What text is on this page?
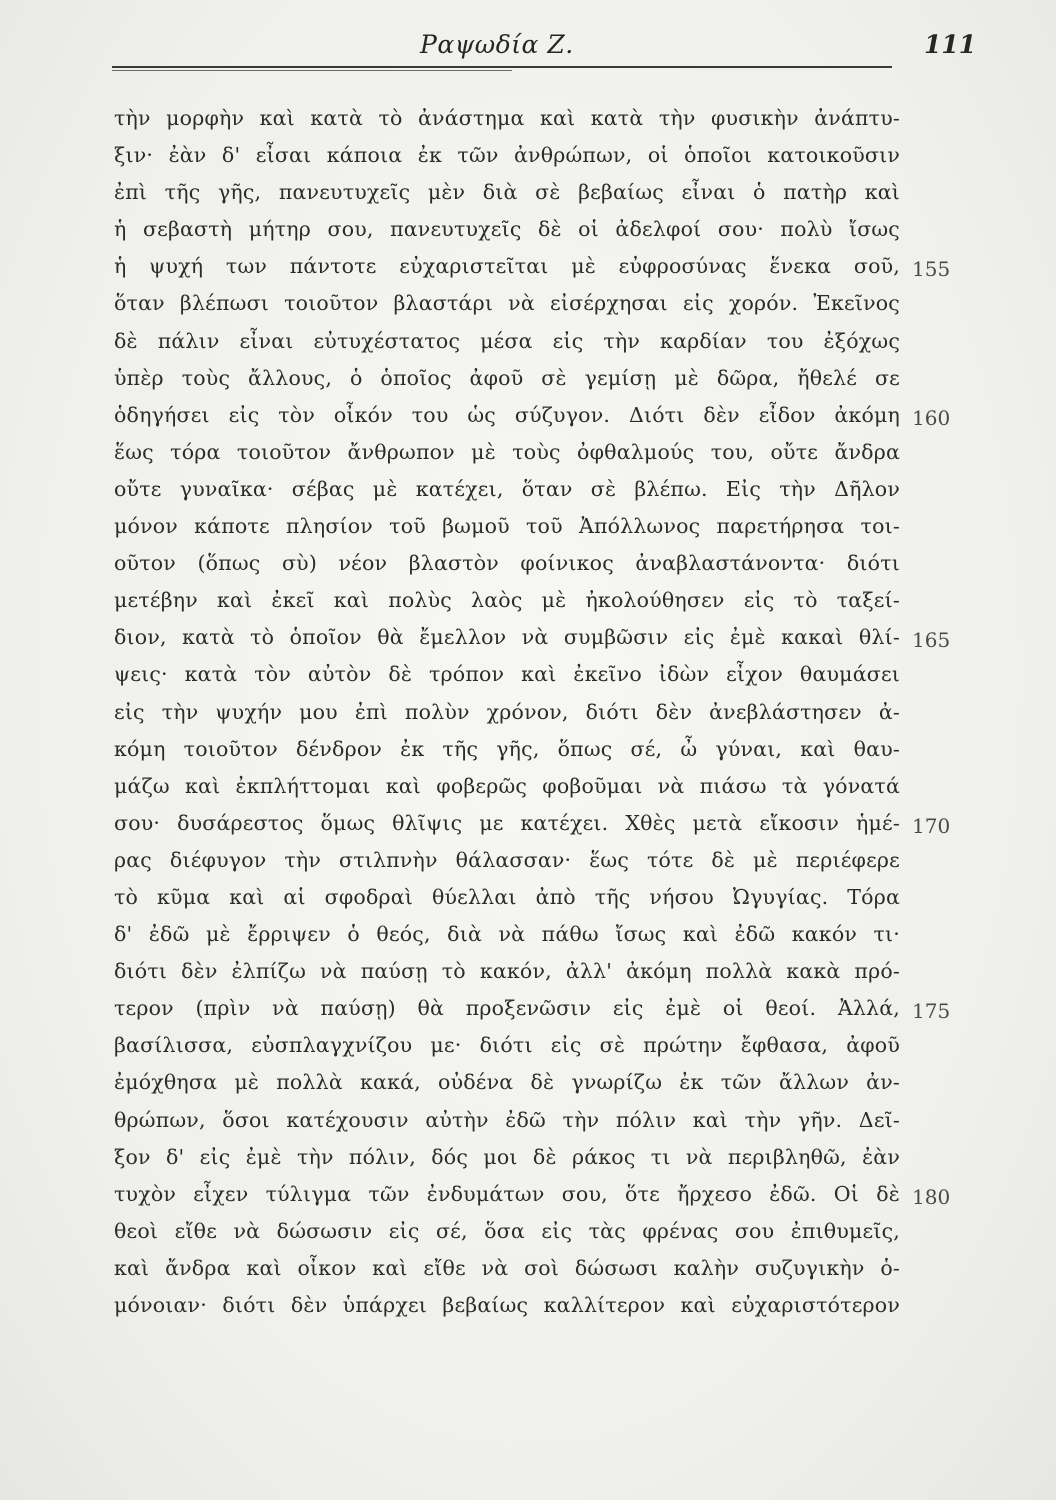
Ραψωδία Ζ.	111
τὴν μορφὴν καὶ κατὰ τὸ ἀνάστημα καὶ κατὰ τὴν φυσικὴν ἀνάπτυ-
ξιν· ἐὰν δ' εἶσαι κάποια ἐκ τῶν ἀνθρώπων, οἱ ὁποῖοι κατοικοῦσιν
ἐπὶ τῆς γῆς, πανευτυχεῖς μὲν διὰ σὲ βεβαίως εἶναι ὁ πατὴρ καὶ
ἡ σεβαστὴ μήτηρ σου, πανευτυχεῖς δὲ οἱ ἀδελφοί σου· πολὺ ἴσως
ἡ ψυχή των πάντοτε εὐχαριστεῖται μὲ εὐφροσύνας ἕνεκα σοῦ,
ὅταν βλέπωσι τοιοῦτον βλαστάρι νὰ εἰσέρχησαι εἰς χορόν. Ἐκεῖνος
δὲ πάλιν εἶναι εὐτυχέστατος μέσα εἰς τὴν καρδίαν του ἐξόχως
ὑπὲρ τοὺς ἄλλους, ὁ ὁποῖος ἀφοῦ σὲ γεμίσῃ μὲ δῶρα, ἤθελέ σε
ὁδηγήσει εἰς τὸν οἶκόν του ὡς σύζυγον. Διότι δὲν εἶδον ἀκόμη
ἕως τόρα τοιοῦτον ἄνθρωπον μὲ τοὺς ὀφθαλμούς του, οὔτε ἄνδρα
οὔτε γυναῖκα· σέβας μὲ κατέχει, ὅταν σὲ βλέπω. Εἰς τὴν Δῆλον
μόνον κάποτε πλησίον τοῦ βωμοῦ τοῦ Ἀπόλλωνος παρετήρησα τοι-
οῦτον (ὅπως σὺ) νέον βλαστὸν φοίνικος ἀναβλαστάνοντα· διότι
μετέβην καὶ ἐκεῖ καὶ πολὺς λαὸς μὲ ἠκολούθησεν εἰς τὸ ταξεί-
διον, κατὰ τὸ ὁποῖον θὰ ἔμελλον νὰ συμβῶσιν εἰς ἐμὲ κακαὶ θλί-
ψεις· κατὰ τὸν αὐτὸν δὲ τρόπον καὶ ἐκεῖνο ἰδὼν εἶχον θαυμάσει
εἰς τὴν ψυχήν μου ἐπὶ πολὺν χρόνον, διότι δὲν ἀνεβλάστησεν ἀ-
κόμη τοιοῦτον δένδρον ἐκ τῆς γῆς, ὅπως σέ, ὦ γύναι, καὶ θαυ-
μάζω καὶ ἐκπλήττομαι καὶ φοβερῶς φοβοῦμαι νὰ πιάσω τὰ γόνατά
σου· δυσάρεστος ὅμως θλῖψις με κατέχει. Χθὲς μετὰ εἴκοσιν ἡμέ-
ρας διέφυγον τὴν στιλπνὴν θάλασσαν· ἕως τότε δὲ μὲ περιέφερε
τὸ κῦμα καὶ αἱ σφοδραὶ θύελλαι ἀπὸ τῆς νήσου Ὠγυγίας. Τόρα
δ' ἐδῶ μὲ ἔρριψεν ὁ θεός, διὰ νὰ πάθω ἴσως καὶ ἐδῶ κακόν τι·
διότι δὲν ἐλπίζω νὰ παύσῃ τὸ κακόν, ἀλλ' ἀκόμη πολλὰ κακὰ πρό-
τερον (πρὶν νὰ παύσῃ) θὰ προξενῶσιν εἰς ἐμὲ οἱ θεοί. Ἀλλά,
βασίλισσα, εὐσπλαγχνίζου με· διότι εἰς σὲ πρώτην ἔφθασα, ἀφοῦ
ἐμόχθησα μὲ πολλὰ κακά, οὐδένα δὲ γνωρίζω ἐκ τῶν ἄλλων ἀν-
θρώπων, ὅσοι κατέχουσιν αὐτὴν ἐδῶ τὴν πόλιν καὶ τὴν γῆν. Δεῖ-
ξον δ' εἰς ἐμὲ τὴν πόλιν, δός μοι δὲ ράκος τι νὰ περιβληθῶ, ἐὰν
τυχὸν εἶχεν τύλιγμα τῶν ἐνδυμάτων σου, ὅτε ἤρχεσο ἐδῶ. Οἱ δὲ
θεοὶ εἴθε νὰ δώσωσιν εἰς σέ, ὅσα εἰς τὰς φρένας σου ἐπιθυμεῖς,
καὶ ἄνδρα καὶ οἶκον καὶ εἴθε νὰ σοὶ δώσωσι καλὴν συζυγικὴν ὁ-
μόνοιαν· διότι δὲν ὑπάρχει βεβαίως καλλίτερον καὶ εὐχαριστότερον
155
160
165
170
175
180
